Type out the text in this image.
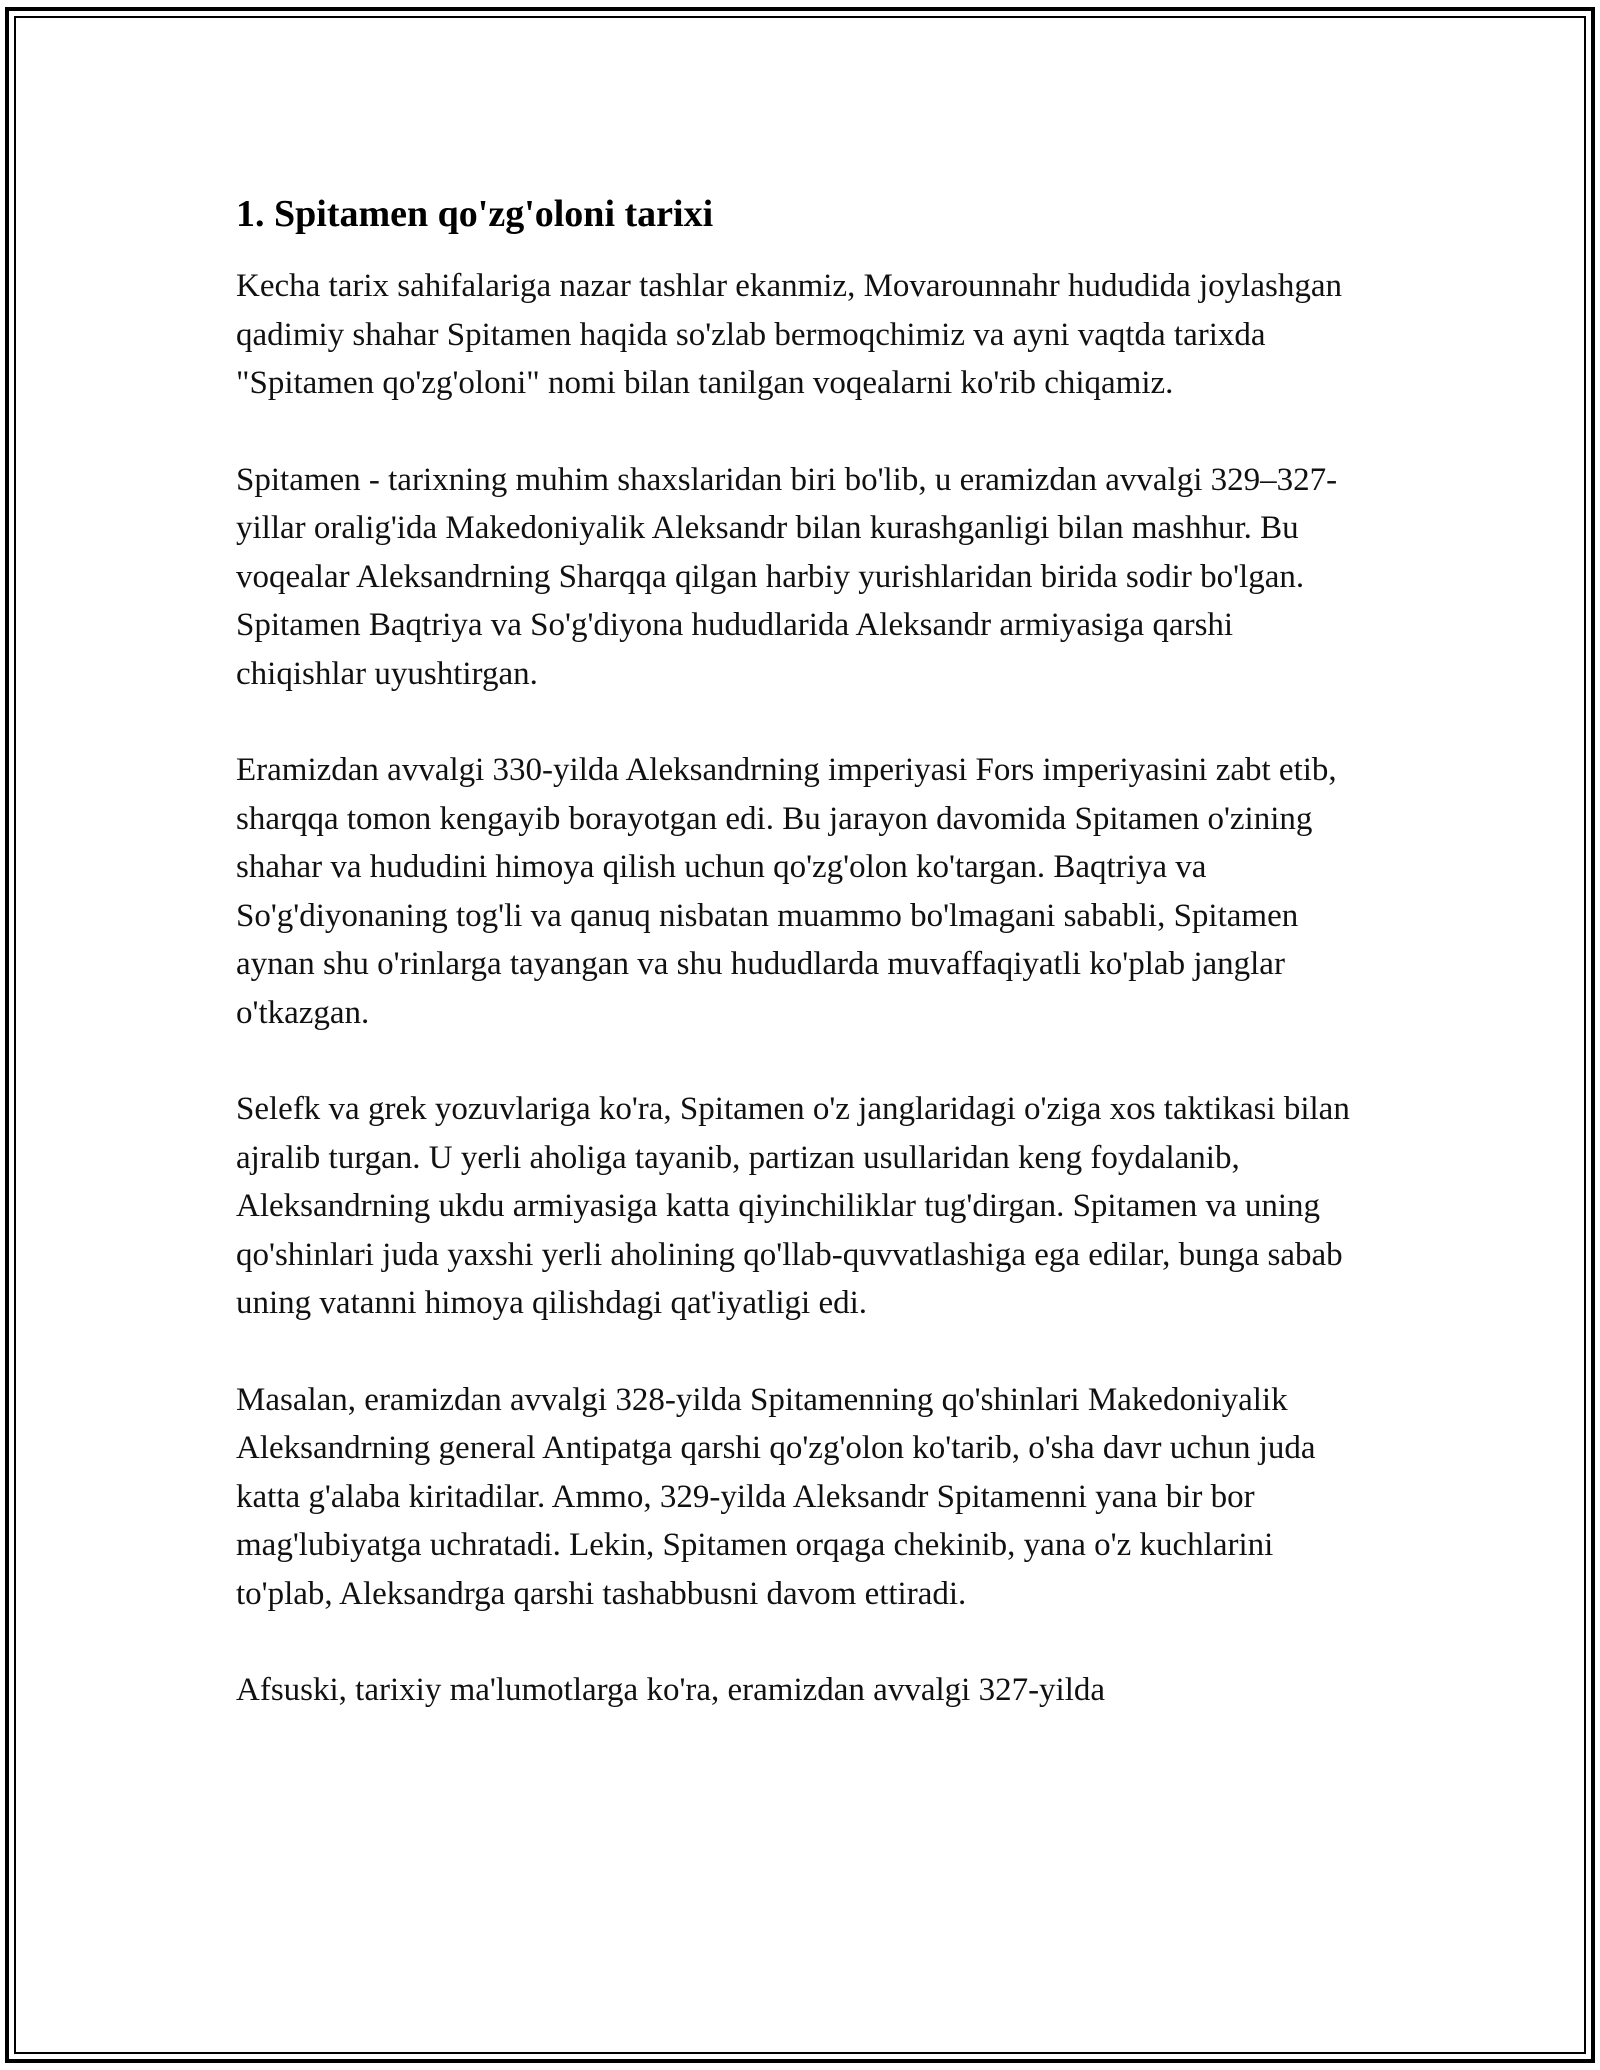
1. Spitamen qo'zg'oloni tarixi

Kecha tarix sahifalariga nazar tashlar ekanmiz, Movarounnahr hududida joylashgan qadimiy shahar Spitamen haqida so'zlab bermoqchimiz va ayni vaqtda tarixda "Spitamen qo'zg'oloni" nomi bilan tanilgan voqealarni ko'rib chiqamiz.

Spitamen - tarixning muhim shaxslaridan biri bo'lib, u eramizdan avvalgi 329–327-yillar oralig'ida Makedoniyalik Aleksandr bilan kurashganligi bilan mashhur. Bu voqealar Aleksandrning Sharqqa qilgan harbiy yurishlaridan birida sodir bo'lgan. Spitamen Baqtriya va So'g'diyona hududlarida Aleksandr armiyasiga qarshi chiqishlar uyushtirgan.

Eramizdan avvalgi 330-yilda Aleksandrning imperiyasi Fors imperiyasini zabt etib, sharqqa tomon kengayib borayotgan edi. Bu jarayon davomida Spitamen o'zining shahar va hududini himoya qilish uchun qo'zg'olon ko'targan. Baqtriya va So'g'diyonaning tog'li va qanuq nisbatan muammo bo'lmagani sababli, Spitamen aynan shu o'rinlarga tayangan va shu hududlarda muvaffaqiyatli ko'plab janglar o'tkazgan.

Selefk va grek yozuvlariga ko'ra, Spitamen o'z janglaridagi o'ziga xos taktikasi bilan ajralib turgan. U yerli aholiga tayanib, partizan usullaridan keng foydalanib, Aleksandrning ukdu armiyasiga katta qiyinchiliklar tug'dirgan. Spitamen va uning qo'shinlari juda yaxshi yerli aholining qo'llab-quvvatlashiga ega edilar, bunga sabab uning vatanni himoya qilishdagi qat'iyatligi edi.

Masalan, eramizdan avvalgi 328-yilda Spitamenning qo'shinlari Makedoniyalik Aleksandrning general Antipatga qarshi qo'zg'olon ko'tarib, o'sha davr uchun juda katta g'alaba kiritadilar. Ammo, 329-yilda Aleksandr Spitamenni yana bir bor mag'lubiyatga uchratadi. Lekin, Spitamen orqaga chekinib, yana o'z kuchlarini to'plab, Aleksandrga qarshi tashabbusni davom ettiradi.

Afsuski, tarixiy ma'lumotlarga ko'ra, eramizdan avvalgi 327-yilda
